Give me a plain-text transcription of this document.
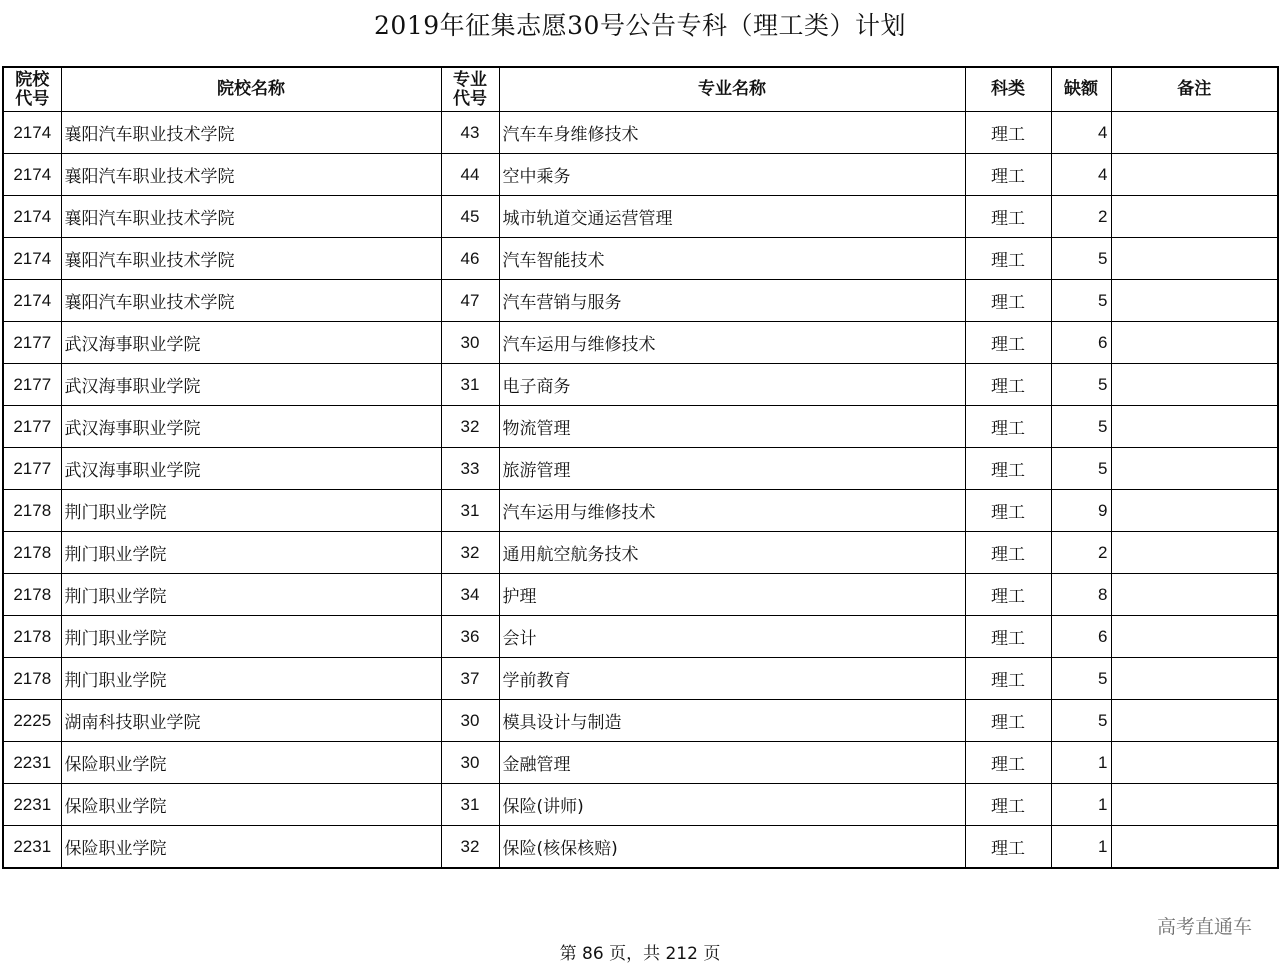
2019年征集志愿30号公告专科（理工类）计划
院校代号	院校名称	专业代号	专业名称	科类	缺额	备注
2174	襄阳汽车职业技术学院	43	汽车车身维修技术	理工	4	
2174	襄阳汽车职业技术学院	44	空中乘务	理工	4	
2174	襄阳汽车职业技术学院	45	城市轨道交通运营管理	理工	2	
2174	襄阳汽车职业技术学院	46	汽车智能技术	理工	5	
2174	襄阳汽车职业技术学院	47	汽车营销与服务	理工	5	
2177	武汉海事职业学院	30	汽车运用与维修技术	理工	6	
2177	武汉海事职业学院	31	电子商务	理工	5	
2177	武汉海事职业学院	32	物流管理	理工	5	
2177	武汉海事职业学院	33	旅游管理	理工	5	
2178	荆门职业学院	31	汽车运用与维修技术	理工	9	
2178	荆门职业学院	32	通用航空航务技术	理工	2	
2178	荆门职业学院	34	护理	理工	8	
2178	荆门职业学院	36	会计	理工	6	
2178	荆门职业学院	37	学前教育	理工	5	
2225	湖南科技职业学院	30	模具设计与制造	理工	5	
2231	保险职业学院	30	金融管理	理工	1	
2231	保险职业学院	31	保险(讲师)	理工	1	
2231	保险职业学院	32	保险(核保核赔)	理工	1	
高考直通车
第 86 页，共 212 页
